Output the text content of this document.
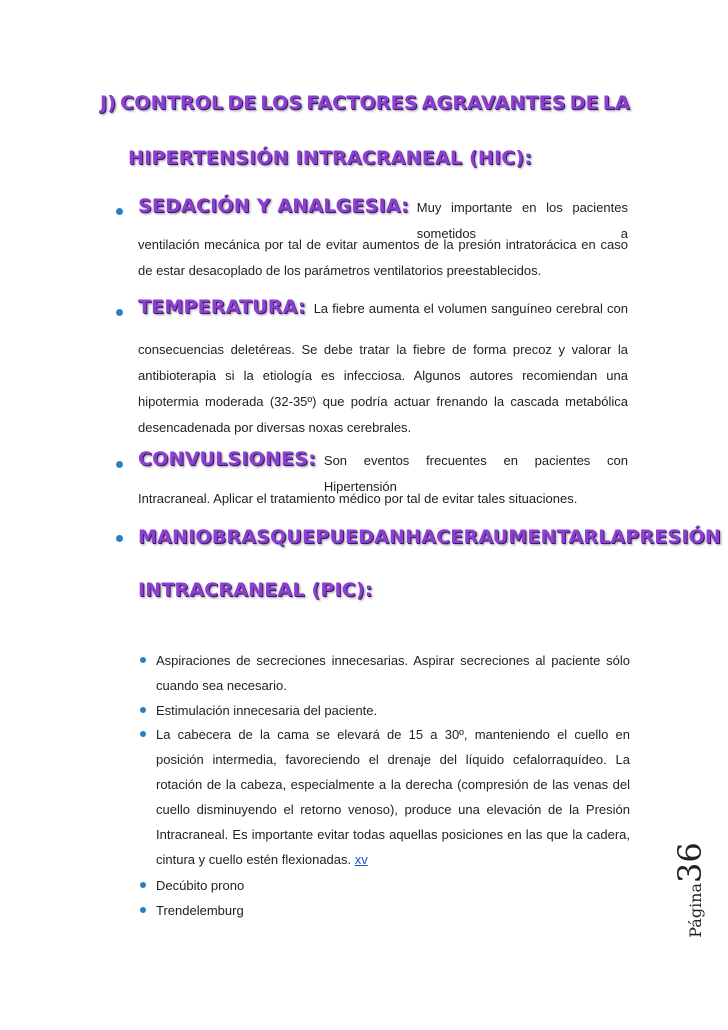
J) CONTROL DE LOS FACTORES AGRAVANTES DE LA
HIPERTENSIÓN INTRACRANEAL (HIC):
SEDACIÓN Y ANALGESIA: Muy importante en los pacientes sometidos a
ventilación mecánica por tal de evitar aumentos de la presión intratorácica en caso de estar desacoplado de los parámetros ventilatorios preestablecidos.
TEMPERATURA: La fiebre aumenta el volumen sanguíneo cerebral con
consecuencias deletéreas. Se debe tratar la fiebre de forma precoz y valorar la antibioterapia si la etiología es infecciosa. Algunos autores recomiendan una hipotermia moderada (32-35º) que podría actuar frenando la cascada metabólica desencadenada por diversas noxas cerebrales.
CONVULSIONES: Son eventos frecuentes en pacientes con Hipertensión
Intracraneal. Aplicar el tratamiento médico por tal de evitar tales situaciones.
MANIOBRAS QUE PUEDAN HACER AUMENTAR LA PRESIÓN
INTRACRANEAL (PIC):
Aspiraciones de secreciones innecesarias. Aspirar secreciones al paciente sólo cuando sea necesario.
Estimulación innecesaria del paciente.
La cabecera de la cama se elevará de 15 a 30º, manteniendo el cuello en posición intermedia, favoreciendo el drenaje del líquido cefalorraquídeo. La rotación de la cabeza, especialmente a la derecha (compresión de las venas del cuello disminuyendo el retorno venoso), produce una elevación de la Presión Intracraneal. Es importante evitar todas aquellas posiciones en las que la cadera, cintura y cuello estén flexionadas. xv
Decúbito prono
Trendelemburg	Página36
